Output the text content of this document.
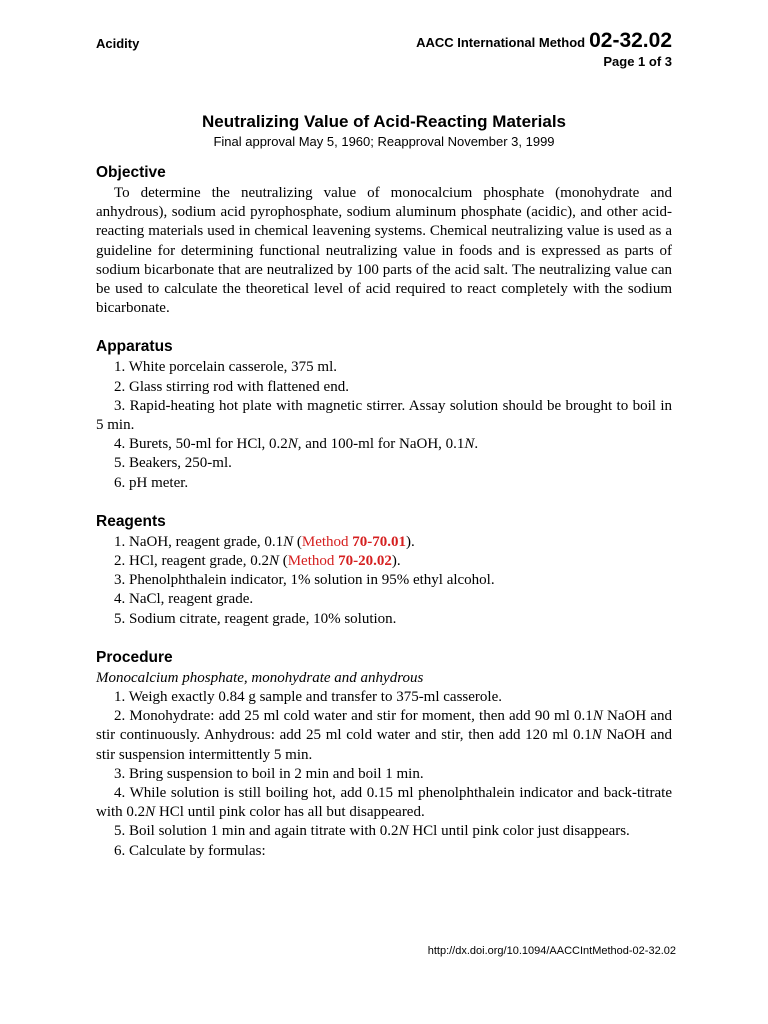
Acidity	AACC International Method 02-32.02
Page 1 of 3
Neutralizing Value of Acid-Reacting Materials
Final approval May 5, 1960; Reapproval November 3, 1999
Objective

To determine the neutralizing value of monocalcium phosphate (monohydrate and anhydrous), sodium acid pyrophosphate, sodium aluminum phosphate (acidic), and other acid-reacting materials used in chemical leavening systems. Chemical neutralizing value is used as a guideline for determining functional neutralizing value in foods and is expressed as parts of sodium bicarbonate that are neutralized by 100 parts of the acid salt. The neutralizing value can be used to calculate the theoretical level of acid required to react completely with the sodium bicarbonate.

Apparatus

1. White porcelain casserole, 375 ml.

2. Glass stirring rod with flattened end.

3. Rapid-heating hot plate with magnetic stirrer. Assay solution should be brought to boil in 5 min.

4. Burets, 50-ml for HCl, 0.2N, and 100-ml for NaOH, 0.1N.

5. Beakers, 250-ml.

6. pH meter.

Reagents

1. NaOH, reagent grade, 0.1N (Method 70-70.01).

2. HCl, reagent grade, 0.2N (Method 70-20.02).

3. Phenolphthalein indicator, 1% solution in 95% ethyl alcohol.

4. NaCl, reagent grade.

5. Sodium citrate, reagent grade, 10% solution.

Procedure

Monocalcium phosphate, monohydrate and anhydrous

1. Weigh exactly 0.84 g sample and transfer to 375-ml casserole.

2. Monohydrate: add 25 ml cold water and stir for moment, then add 90 ml 0.1N NaOH and stir continuously. Anhydrous: add 25 ml cold water and stir, then add 120 ml 0.1N NaOH and stir suspension intermittently 5 min.

3. Bring suspension to boil in 2 min and boil 1 min.

4. While solution is still boiling hot, add 0.15 ml phenolphthalein indicator and back-titrate with 0.2N HCl until pink color has all but disappeared.

5. Boil solution 1 min and again titrate with 0.2N HCl until pink color just disappears.

6. Calculate by formulas:

http://dx.doi.org/10.1094/AACCIntMethod-02-32.02
